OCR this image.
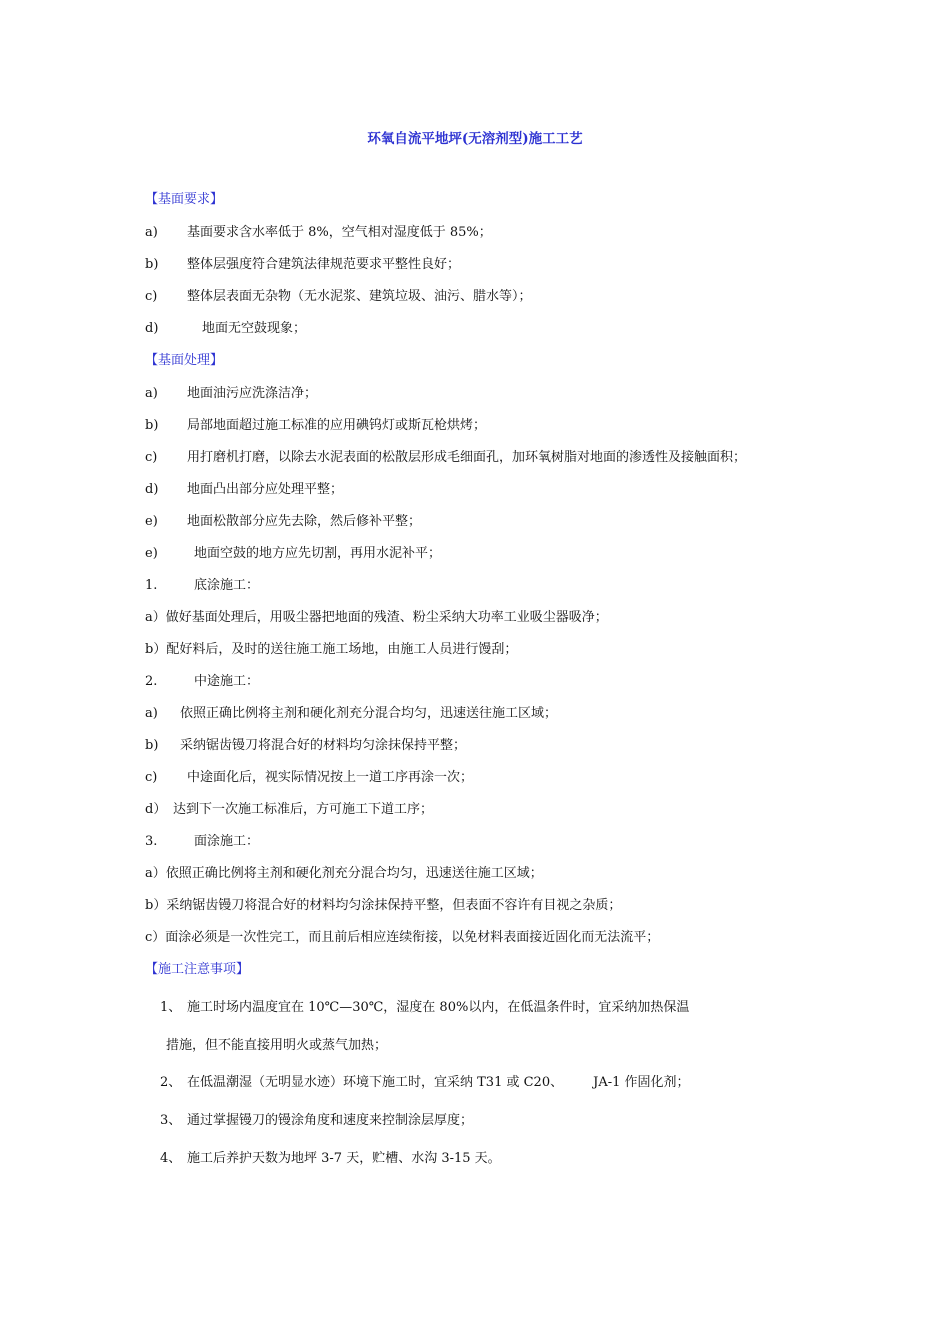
环氧自流平地坪(无溶剂型)施工工艺
【基面要求】
a) 基面要求含水率低于 8%，空气相对湿度低于 85%；
b) 整体层强度符合建筑法律规范要求平整性良好；
c) 整体层表面无杂物（无水泥浆、建筑垃圾、油污、腊水等）；
d)	地面无空鼓现象；
【基面处理】
a) 地面油污应洗涤洁净；
b) 局部地面超过施工标准的应用碘钨灯或斯瓦枪烘烤；
c) 用打磨机打磨，以除去水泥表面的松散层形成毛细面孔，加环氧树脂对地面的渗透性及接触面积；
d) 地面凸出部分应处理平整；
e) 地面松散部分应先去除，然后修补平整；
e)	地面空鼓的地方应先切割，再用水泥补平；
1.	底涂施工：
a）做好基面处理后，用吸尘器把地面的残渣、粉尘采纳大功率工业吸尘器吸净；
b）配好料后，及时的送往施工施工场地，由施工人员进行馒刮；
2.	中途施工：
a) 依照正确比例将主剂和硬化剂充分混合均匀，迅速送往施工区域；
b) 采纳锯齿镘刀将混合好的材料均匀涂抹保持平整；
c) 中途面化后，视实际情况按上一道工序再涂一次；
d） 达到下一次施工标准后，方可施工下道工序；
3.	面涂施工：
a）依照正确比例将主剂和硬化剂充分混合均匀，迅速送往施工区域；
b）采纳锯齿镘刀将混合好的材料均匀涂抹保持平整，但表面不容许有目视之杂质；
c）面涂必须是一次性完工，而且前后相应连续衔接，以免材料表面接近固化而无法流平；
【施工注意事项】
1、 施工时场内温度宜在 10℃—30℃，湿度在 80%以内，在低温条件时，宜采纳加热保温
措施，但不能直接用明火或蒸气加热；
2、 在低温潮湿（无明显水迹）环境下施工时，宜采纳 T31 或 C20、 JA-1 作固化剂；
3、 通过掌握镘刀的镘涂角度和速度来控制涂层厚度；
4、 施工后养护天数为地坪 3-7 天，贮槽、水沟 3-15 天。
